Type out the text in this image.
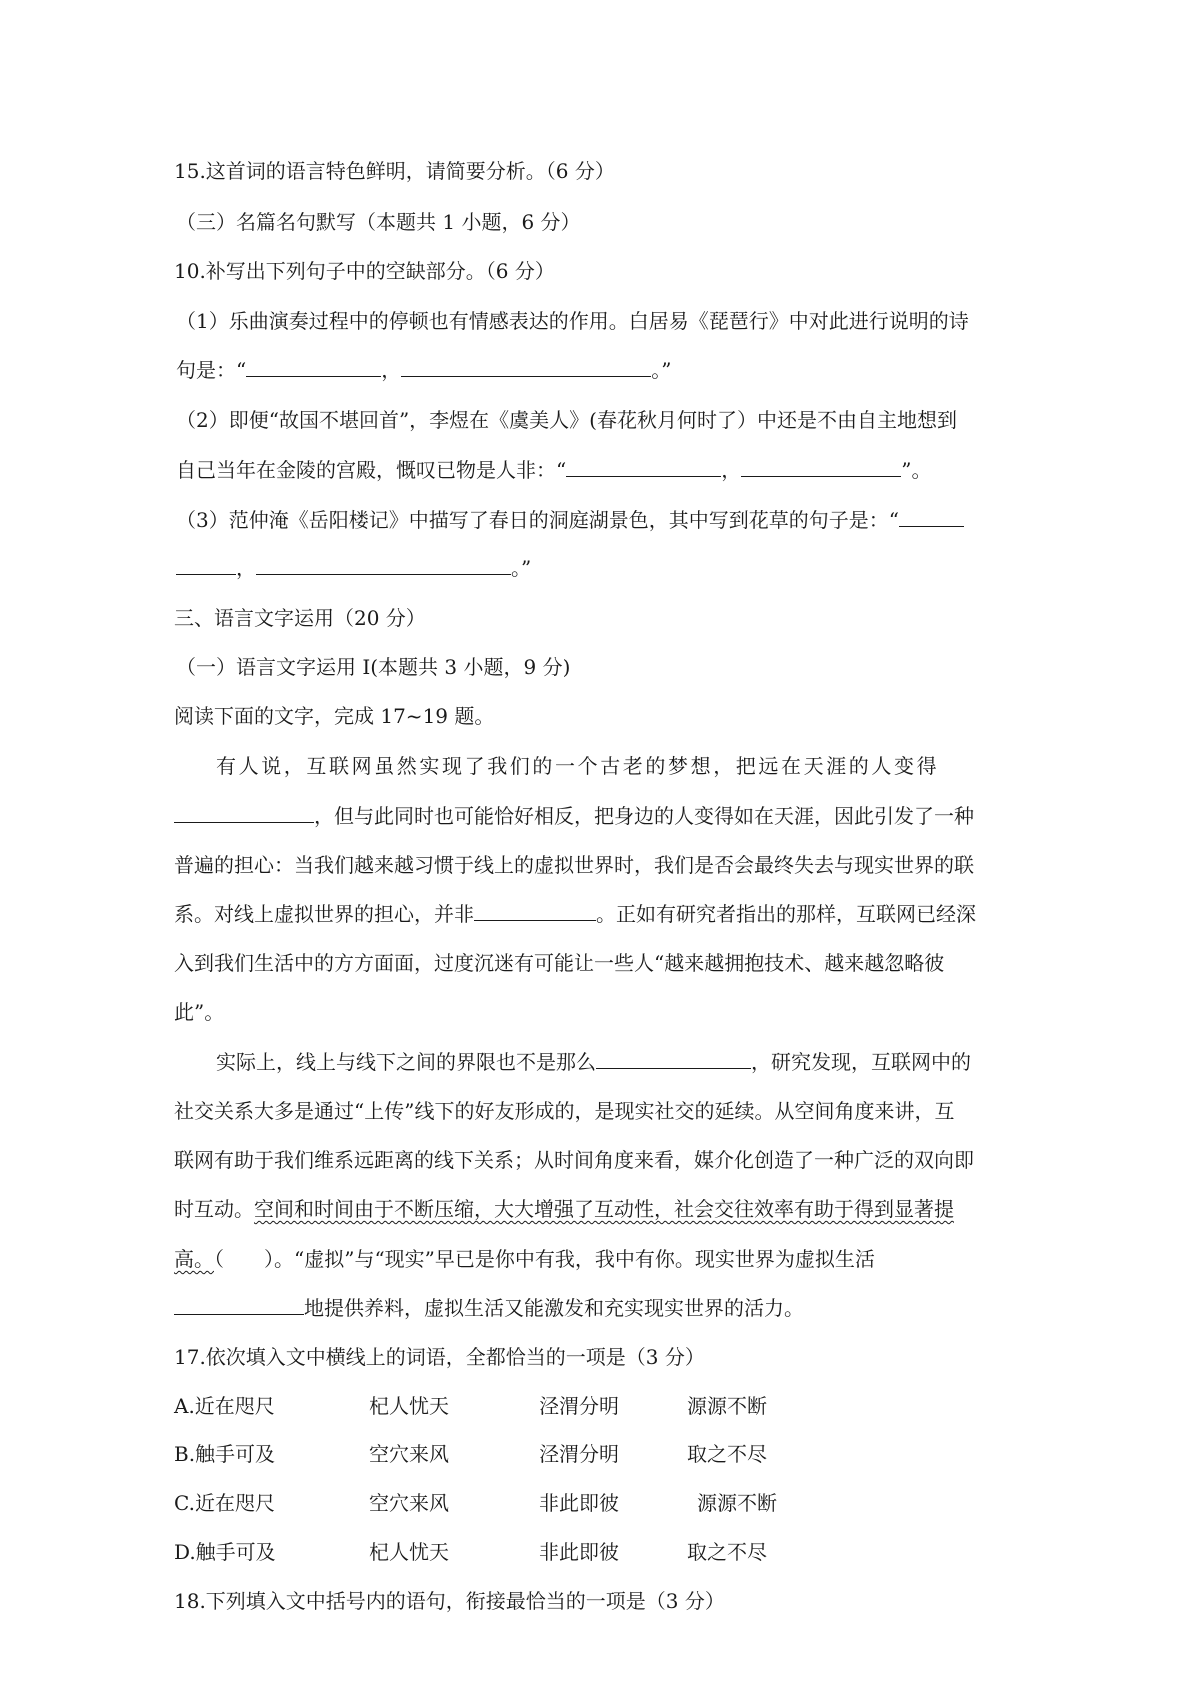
15.这首词的语言特色鲜明，请简要分析。（6 分）
（三）名篇名句默写（本题共 1 小题，6 分）
10.补写出下列句子中的空缺部分。（6 分）
（1）乐曲演奏过程中的停顿也有情感表达的作用。白居易《琵琶行》中对此进行说明的诗
句是：“	，	。”
（2）即便“故国不堪回首”，李煜在《虞美人》(春花秋月何时了）中还是不由自主地想到
自己当年在金陵的宫殿，慨叹已物是人非：“	，	”。
（3）范仲淹《岳阳楼记》中描写了春日的洞庭湖景色，其中写到花草的句子是：“
，	。”
三、语言文字运用（20 分）
（一）语言文字运用 I(本题共 3 小题，9 分)
阅读下面的文字，完成 17~19 题。
有人说，互联网虽然实现了我们的一个古老的梦想，把远在天涯的人变得
，但与此同时也可能恰好相反，把身边的人变得如在天涯，因此引发了一种
普遍的担心：当我们越来越习惯于线上的虚拟世界时，我们是否会最终失去与现实世界的联
系。对线上虚拟世界的担心，并非	。正如有研究者指出的那样，互联网已经深
入到我们生活中的方方面面，过度沉迷有可能让一些人“越来越拥抱技术、越来越忽略彼
此”。
实际上，线上与线下之间的界限也不是那么	，研究发现，互联网中的
社交关系大多是通过“上传”线下的好友形成的，是现实社交的延续。从空间角度来讲，互
联网有助于我们维系远距离的线下关系；从时间角度来看，媒介化创造了一种广泛的双向即
时互动。空间和时间由于不断压缩，大大增强了互动性，社会交往效率有助于得到显著提
高。（　　）。“虚拟”与“现实”早已是你中有我，我中有你。现实世界为虚拟生活
地提供养料，虚拟生活又能激发和充实现实世界的活力。
17.依次填入文中横线上的词语，全都恰当的一项是（3 分）
A.近在咫尺	杞人忧天	泾渭分明	源源不断
B.触手可及	空穴来风	泾渭分明	取之不尽
C.近在咫尺	空穴来风	非此即彼	源源不断
D.触手可及	杞人忧天	非此即彼	取之不尽
18.下列填入文中括号内的语句，衔接最恰当的一项是（3 分）
